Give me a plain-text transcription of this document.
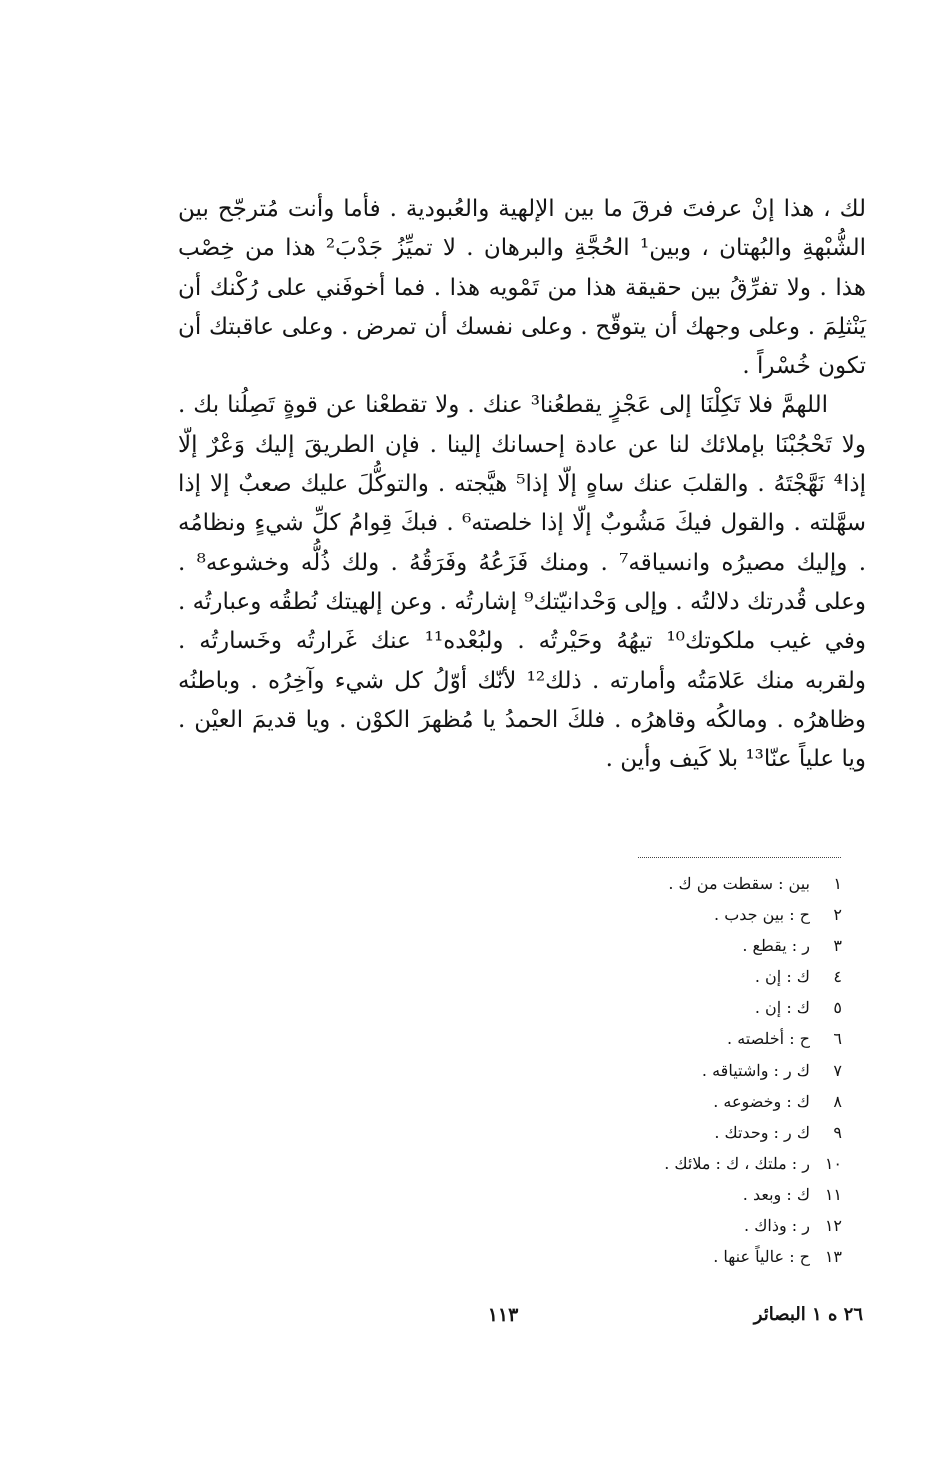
لك ، هذا إنْ عرفتَ فرقَ ما بين الإلهية والعُبودية . فأما وأنت مُترجّح بين الشُّبْهةِ والبُهتان ، وبين¹ الحُجَّةِ والبرهان . لا تميِّزُ جَدْبَ² هذا من خِصْب هذا . ولا تفرِّقُ بين حقيقة هذا من تَمْويه هذا . فما أخوفَني على رُكْنك أن يَنْثلِمَ . وعلى وجهك أن يتوقّح . وعلى نفسك أن تمرض . وعلى عاقبتك أن تكون خُسْراً .

اللهمَّ فلا تَكِلْنَا إلى عَجْزٍ يقطعُنا³ عنك . ولا تقطعْنا عن قوةٍ تَصِلُنا بك . ولا تَحْجُبْنَا بإملائك لنا عن عادة إحسانك إلينا . فإن الطريقَ إليك وَعْرٌ إلّا إذا⁴ نَهَّجْتَهُ . والقلبَ عنك ساهٍ إلّا إذا⁵ هيَّجته . والتوكُّلَ عليك صعبٌ إلا إذا سهَّلته . والقول فيكَ مَشُوبٌ إلّا إذا خلصته⁶ . فبكَ قِوامُ كلِّ شيءٍ ونظامُه . وإليك مصيرُه وانسياقه⁷ . ومنك فَزَعُهُ وفَرَقُهُ . ولك ذُلُّه وخشوعه⁸ . وعلى قُدرتك دلالتُه . وإلى وَحْدانيّتك⁹ إشارتُه . وعن إلهيتك نُطقُه وعبارتُه . وفي غيب ملكوتك¹⁰ تيهُهُ وحَيْرتُه . ولبُعْده¹¹ عنك غَرارتُه وخَسارتُه . ولقربه منك عَلامَتُه وأمارته . ذلك¹² لأنّك أوّلُ كل شيء وآخِرُه . وباطنُه وظاهرُه . ومالكُه وقاهرُه . فلكَ الحمدُ يا مُظهرَ الكوْن . ويا قديمَ العيْن . ويا علياً عنّا¹³ بلا كَيف وأين .

١
بين : سقطت من ك .
٢
ح : بين جدب .
٣
ر : يقطع .
٤
ك : إن .
٥
ك : إن .
٦
ح : أخلصته .
٧
ك ر : واشتياقه .
٨
ك : وخضوعه .
٩
ك ر : وحدتك .
١٠
ر : ملتك ، ك : ملائك .
١١
ك : وبعد .
١٢
ر : وذاك .
١٣
ح : عالياً عنها .
٢٦ ه ١ البصائر
١١٣
